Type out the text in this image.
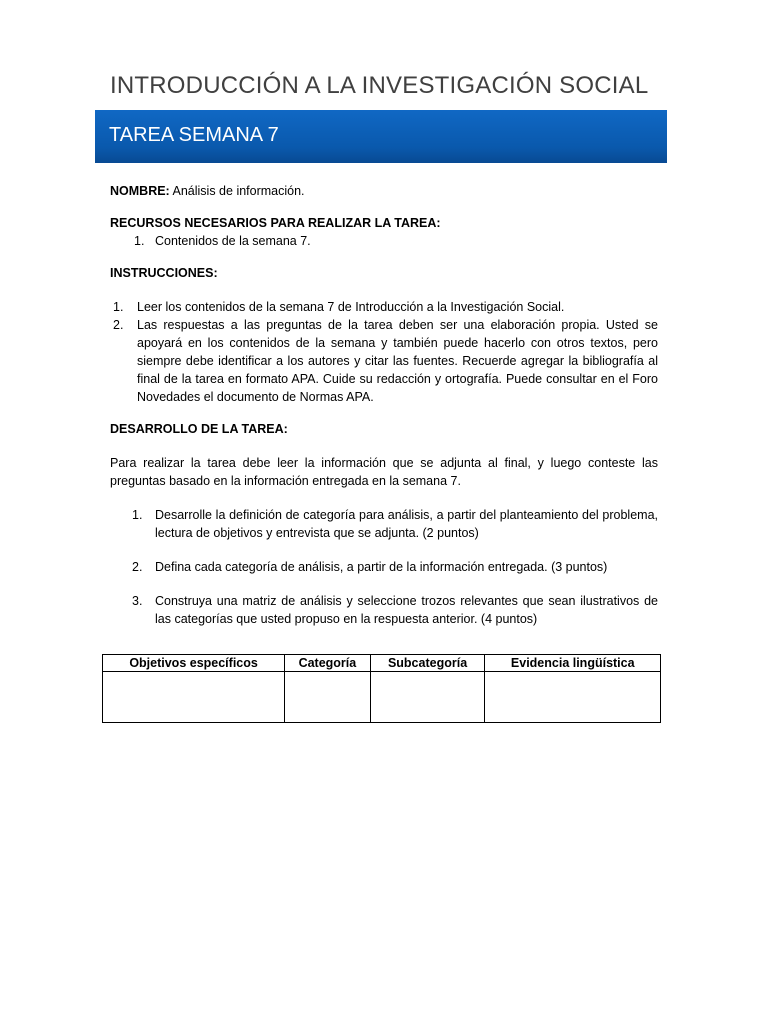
INTRODUCCIÓN A LA INVESTIGACIÓN SOCIAL
TAREA SEMANA 7

NOMBRE: Análisis de información.

RECURSOS NECESARIOS PARA REALIZAR LA TAREA:

1. Contenidos de la semana 7.

INSTRUCCIONES:

1. Leer los contenidos de la semana 7 de Introducción a la Investigación Social.
2. Las respuestas a las preguntas de la tarea deben ser una elaboración propia. Usted se apoyará en los contenidos de la semana y también puede hacerlo con otros textos, pero siempre debe identificar a los autores y citar las fuentes. Recuerde agregar la bibliografía al final de la tarea en formato APA. Cuide su redacción y ortografía. Puede consultar en el Foro Novedades el documento de Normas APA.

DESARROLLO DE LA TAREA:

Para realizar la tarea debe leer la información que se adjunta al final, y luego conteste las preguntas basado en la información entregada en la semana 7.

1. Desarrolle la definición de categoría para análisis, a partir del planteamiento del problema, lectura de objetivos y entrevista que se adjunta. (2 puntos)
2. Defina cada categoría de análisis, a partir de la información entregada. (3 puntos)
3. Construya una matriz de análisis y seleccione trozos relevantes que sean ilustrativos de las categorías que usted propuso en la respuesta anterior. (4 puntos)
Objetivos específicos	Categoría	Subcategoría	Evidencia lingüística
